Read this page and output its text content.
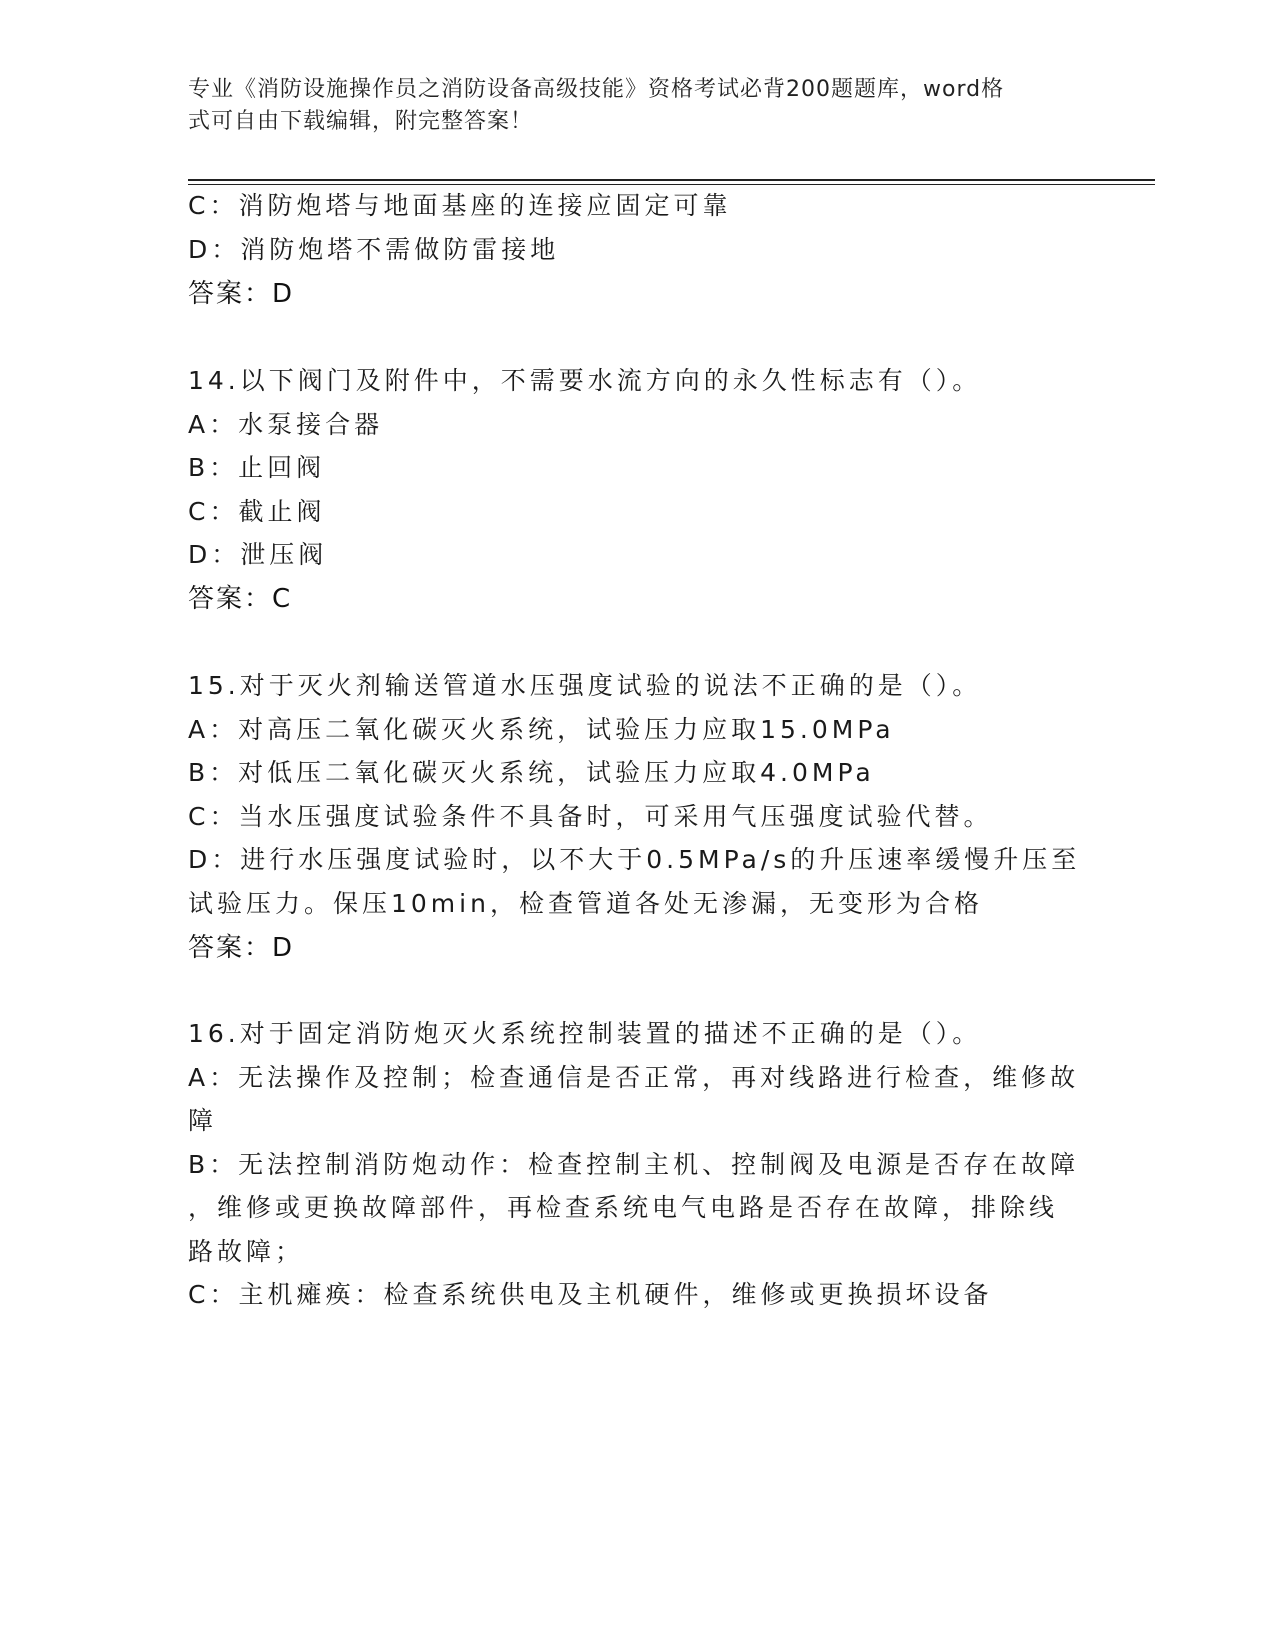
专业《消防设施操作员之消防设备高级技能》资格考试必背200题题库，word格
式可自由下载编辑，附完整答案！
C：消防炮塔与地面基座的连接应固定可靠
D：消防炮塔不需做防雷接地
答案：D
14.以下阀门及附件中，不需要水流方向的永久性标志有（）。
A：水泵接合器
B：止回阀
C：截止阀
D：泄压阀
答案：C
15.对于灭火剂输送管道水压强度试验的说法不正确的是（）。
A：对高压二氧化碳灭火系统，试验压力应取15.0MPa
B：对低压二氧化碳灭火系统，试验压力应取4.0MPa
C：当水压强度试验条件不具备时，可采用气压强度试验代替。
D：进行水压强度试验时，以不大于0.5MPa/s的升压速率缓慢升压至
试验压力。保压10min，检查管道各处无渗漏，无变形为合格
答案：D
16.对于固定消防炮灭火系统控制装置的描述不正确的是（）。
A：无法操作及控制；检查通信是否正常，再对线路进行检查，维修故
障
B：无法控制消防炮动作：检查控制主机、控制阀及电源是否存在故障
，维修或更换故障部件，再检查系统电气电路是否存在故障，排除线
路故障；
C：主机瘫痪：检查系统供电及主机硬件，维修或更换损坏设备
